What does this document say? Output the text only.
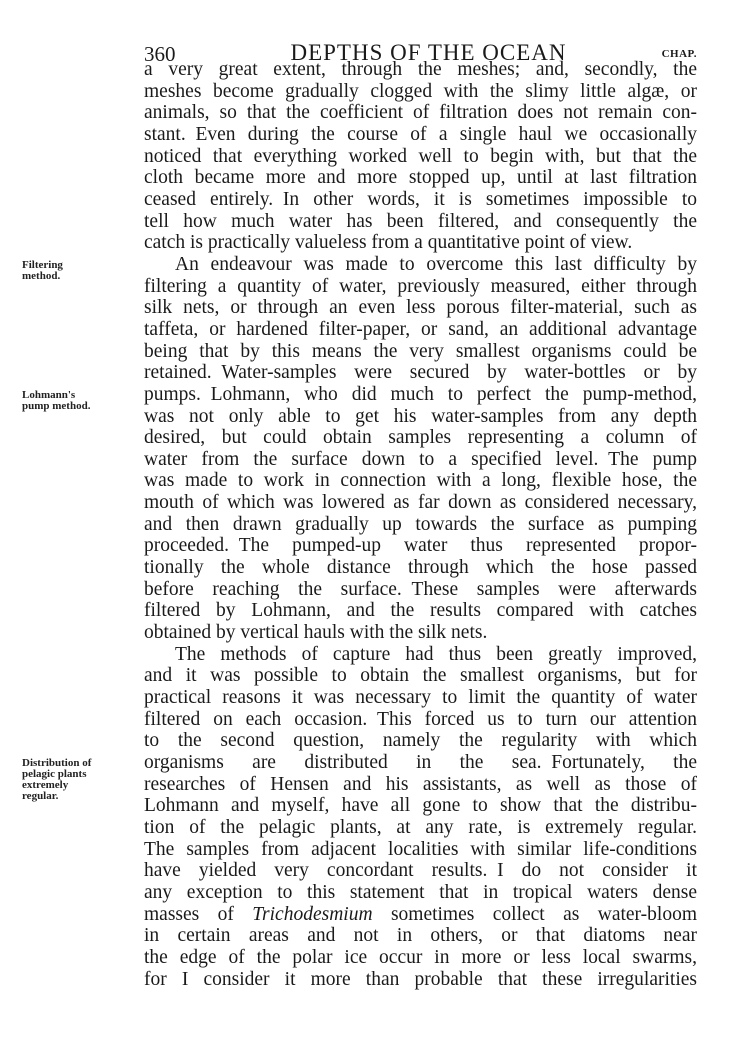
360	DEPTHS OF THE OCEAN	CHAP.
a very great extent, through the meshes; and, secondly, the
meshes become gradually clogged with the slimy little algæ, or
animals, so that the coefficient of filtration does not remain con-
stant. Even during the course of a single haul we occasionally
noticed that everything worked well to begin with, but that the
cloth became more and more stopped up, until at last filtration
ceased entirely. In other words, it is sometimes impossible to
tell how much water has been filtered, and consequently the
catch is practically valueless from a quantitative point of view.
An endeavour was made to overcome this last difficulty by
filtering a quantity of water, previously measured, either through
silk nets, or through an even less porous filter-material, such as
taffeta, or hardened filter-paper, or sand, an additional advantage
being that by this means the very smallest organisms could be
retained. Water-samples were secured by water-bottles or by
pumps. Lohmann, who did much to perfect the pump-method,
was not only able to get his water-samples from any depth
desired, but could obtain samples representing a column of
water from the surface down to a specified level. The pump
was made to work in connection with a long, flexible hose, the
mouth of which was lowered as far down as considered necessary,
and then drawn gradually up towards the surface as pumping
proceeded. The pumped-up water thus represented propor-
tionally the whole distance through which the hose passed
before reaching the surface. These samples were afterwards
filtered by Lohmann, and the results compared with catches
obtained by vertical hauls with the silk nets.
The methods of capture had thus been greatly improved,
and it was possible to obtain the smallest organisms, but for
practical reasons it was necessary to limit the quantity of water
filtered on each occasion. This forced us to turn our attention
to the second question, namely the regularity with which
organisms are distributed in the sea. Fortunately, the
researches of Hensen and his assistants, as well as those of
Lohmann and myself, have all gone to show that the distribu-
tion of the pelagic plants, at any rate, is extremely regular.
The samples from adjacent localities with similar life-conditions
have yielded very concordant results. I do not consider it
any exception to this statement that in tropical waters dense
masses of Trichodesmium sometimes collect as water-bloom
in certain areas and not in others, or that diatoms near
the edge of the polar ice occur in more or less local swarms,
for I consider it more than probable that these irregularities
Filtering
method.
Lohmann's
pump method.
Distribution of
pelagic plants
extremely
regular.
